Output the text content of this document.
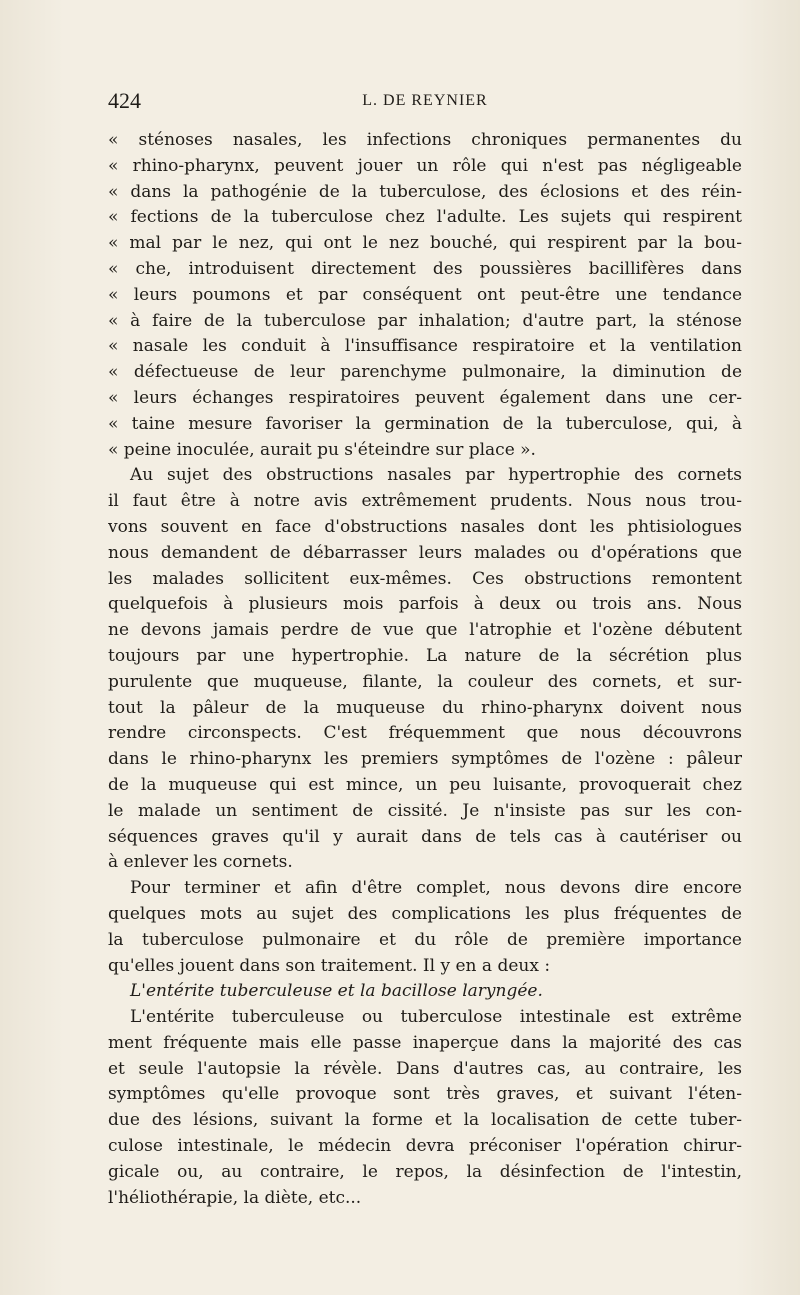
424	L. DE REYNIER
« sténoses nasales, les infections chroniques permanentes du
« rhino-pharynx, peuvent jouer un rôle qui n'est pas négligeable
« dans la pathogénie de la tuberculose, des éclosions et des réin-
« fections de la tuberculose chez l'adulte. Les sujets qui respirent
« mal par le nez, qui ont le nez bouché, qui respirent par la bou-
« che, introduisent directement des poussières bacillifères dans
« leurs poumons et par conséquent ont peut-être une tendance
« à faire de la tuberculose par inhalation; d'autre part, la sténose
« nasale les conduit à l'insuffisance respiratoire et la ventilation
« défectueuse de leur parenchyme pulmonaire, la diminution de
« leurs échanges respiratoires peuvent également dans une cer-
« taine mesure favoriser la germination de la tuberculose, qui, à
« peine inoculée, aurait pu s'éteindre sur place ».
Au sujet des obstructions nasales par hypertrophie des cornets
il faut être à notre avis extrêmement prudents. Nous nous trou-
vons souvent en face d'obstructions nasales dont les phtisiologues
nous demandent de débarrasser leurs malades ou d'opérations que
les malades sollicitent eux-mêmes. Ces obstructions remontent
quelquefois à plusieurs mois parfois à deux ou trois ans. Nous
ne devons jamais perdre de vue que l'atrophie et l'ozène débutent
toujours par une hypertrophie. La nature de la sécrétion plus
purulente que muqueuse, filante, la couleur des cornets, et sur-
tout la pâleur de la muqueuse du rhino-pharynx doivent nous
rendre circonspects. C'est fréquemment que nous découvrons
dans le rhino-pharynx les premiers symptômes de l'ozène : pâleur
de la muqueuse qui est mince, un peu luisante, provoquerait chez
le malade un sentiment de cissité. Je n'insiste pas sur les con-
séquences graves qu'il y aurait dans de tels cas à cautériser ou
à enlever les cornets.
Pour terminer et afin d'être complet, nous devons dire encore
quelques mots au sujet des complications les plus fréquentes de
la tuberculose pulmonaire et du rôle de première importance
qu'elles jouent dans son traitement. Il y en a deux :
L'entérite tuberculeuse et la bacillose laryngée.
L'entérite tuberculeuse ou tuberculose intestinale est extrême
ment fréquente mais elle passe inaperçue dans la majorité des cas
et seule l'autopsie la révèle. Dans d'autres cas, au contraire, les
symptômes qu'elle provoque sont très graves, et suivant l'éten-
due des lésions, suivant la forme et la localisation de cette tuber-
culose intestinale, le médecin devra préconiser l'opération chirur-
gicale ou, au contraire, le repos, la désinfection de l'intestin,
l'héliothérapie, la diète, etc...
